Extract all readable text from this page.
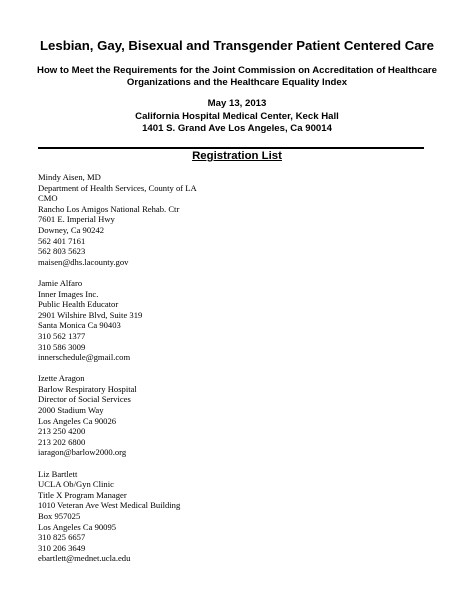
Lesbian, Gay, Bisexual and Transgender Patient Centered Care
How to Meet the Requirements for the Joint Commission on Accreditation of Healthcare
Organizations and the Healthcare Equality Index
May 13, 2013
California Hospital Medical Center, Keck Hall
1401 S. Grand Ave Los Angeles, Ca 90014
Registration List
Mindy Aisen, MD
Department of Health Services, County of LA
CMO
Rancho Los Amigos National Rehab. Ctr
7601 E. Imperial Hwy
Downey, Ca 90242
562 401 7161
562 803 5623
maisen@dhs.lacounty.gov
Jamie Alfaro
Inner Images Inc.
Public Health Educator
2901 Wilshire Blvd, Suite 319
Santa Monica Ca 90403
310 562 1377
310 586 3009
innerschedule@gmail.com
Izette Aragon
Barlow Respiratory Hospital
Director of Social Services
2000 Stadium Way
Los Angeles Ca 90026
213 250 4200
213 202 6800
iaragon@barlow2000.org
Liz Bartlett
UCLA Ob/Gyn Clinic
Title X Program Manager
1010 Veteran Ave West Medical Building
Box 957025
Los Angeles Ca 90095
310 825 6657
310 206 3649
ebartlett@mednet.ucla.edu
